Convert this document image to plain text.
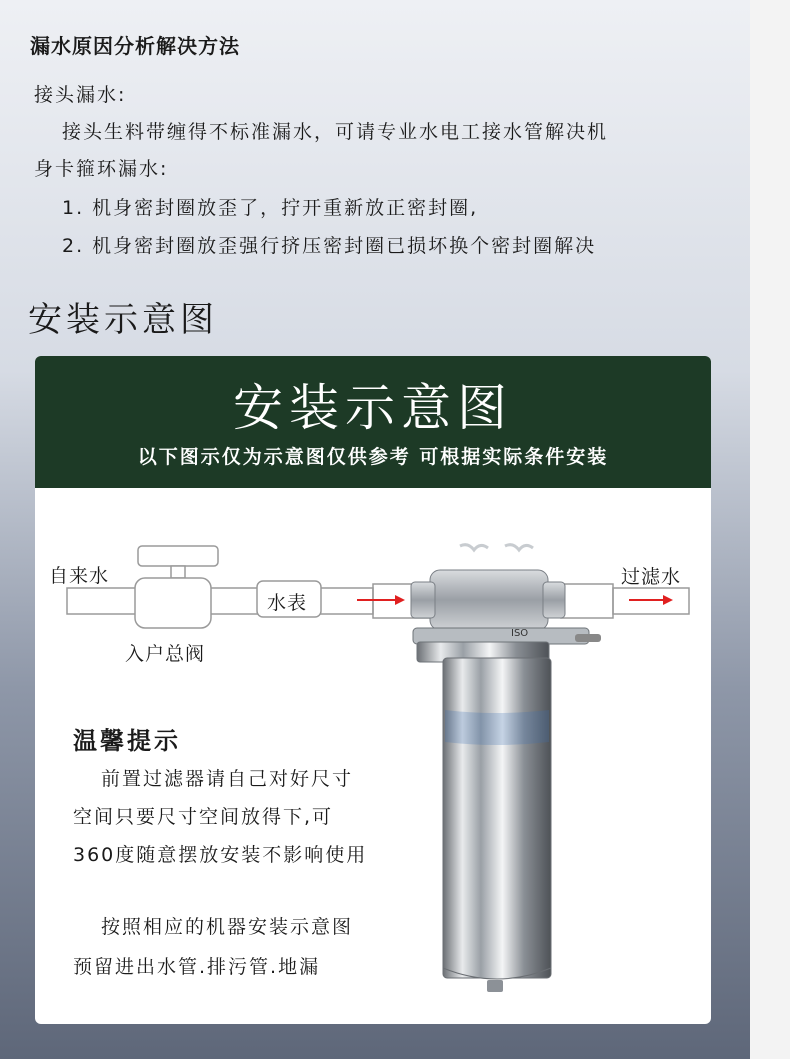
漏水原因分析解决方法
接头漏水:
接头生料带缠得不标准漏水，可请专业水电工接水管解决机
身卡箍环漏水:
1. 机身密封圈放歪了，拧开重新放正密封圈,
2. 机身密封圈放歪强行挤压密封圈已损坏换个密封圈解决
安装示意图
安装示意图
以下图示仅为示意图仅供参考 可根据实际条件安装
自来水
水表
入户总阀
过滤水
ISO
温馨提示
前置过滤器请自己对好尺寸
空间只要尺寸空间放得下,可
360度随意摆放安装不影响使用
按照相应的机器安装示意图
预留进出水管.排污管.地漏
